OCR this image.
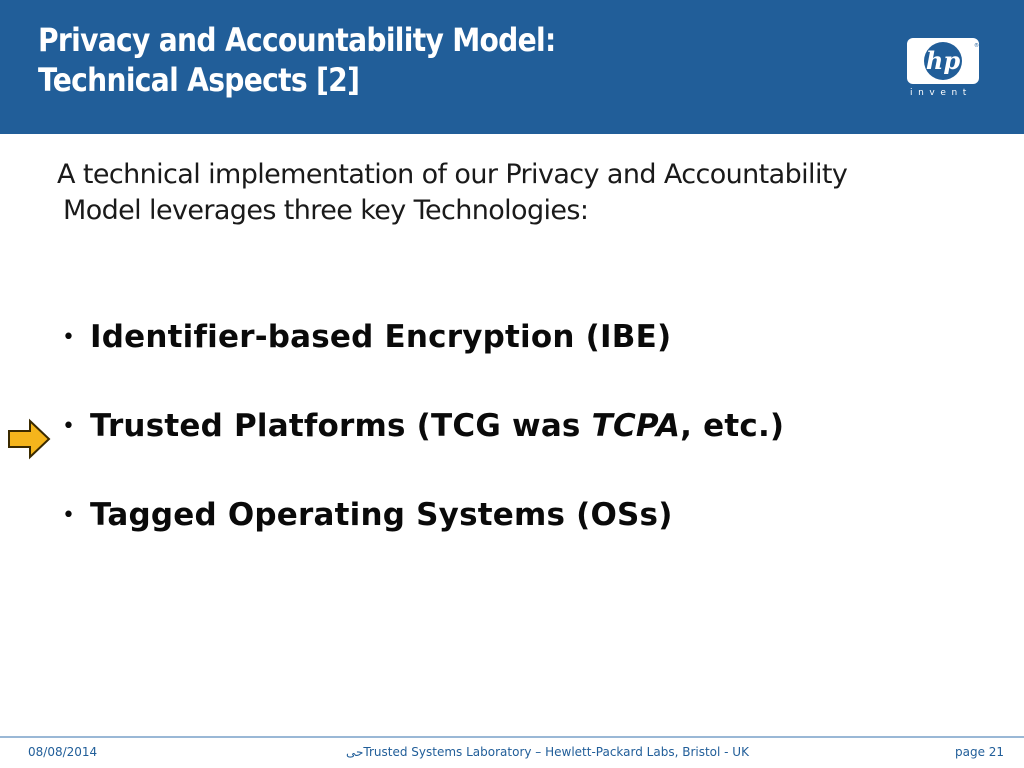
Privacy and Accountability Model:
Technical Aspects [2]
hp	®
invent
A technical implementation of our Privacy and Accountability
Model leverages three key Technologies:
• Identifier-based Encryption (IBE)
• Trusted Platforms (TCG was TCPA, etc.)
• Tagged Operating Systems (OSs)
08/08/2014	حىTrusted Systems Laboratory – Hewlett-Packard Labs, Bristol - UK	page 21
